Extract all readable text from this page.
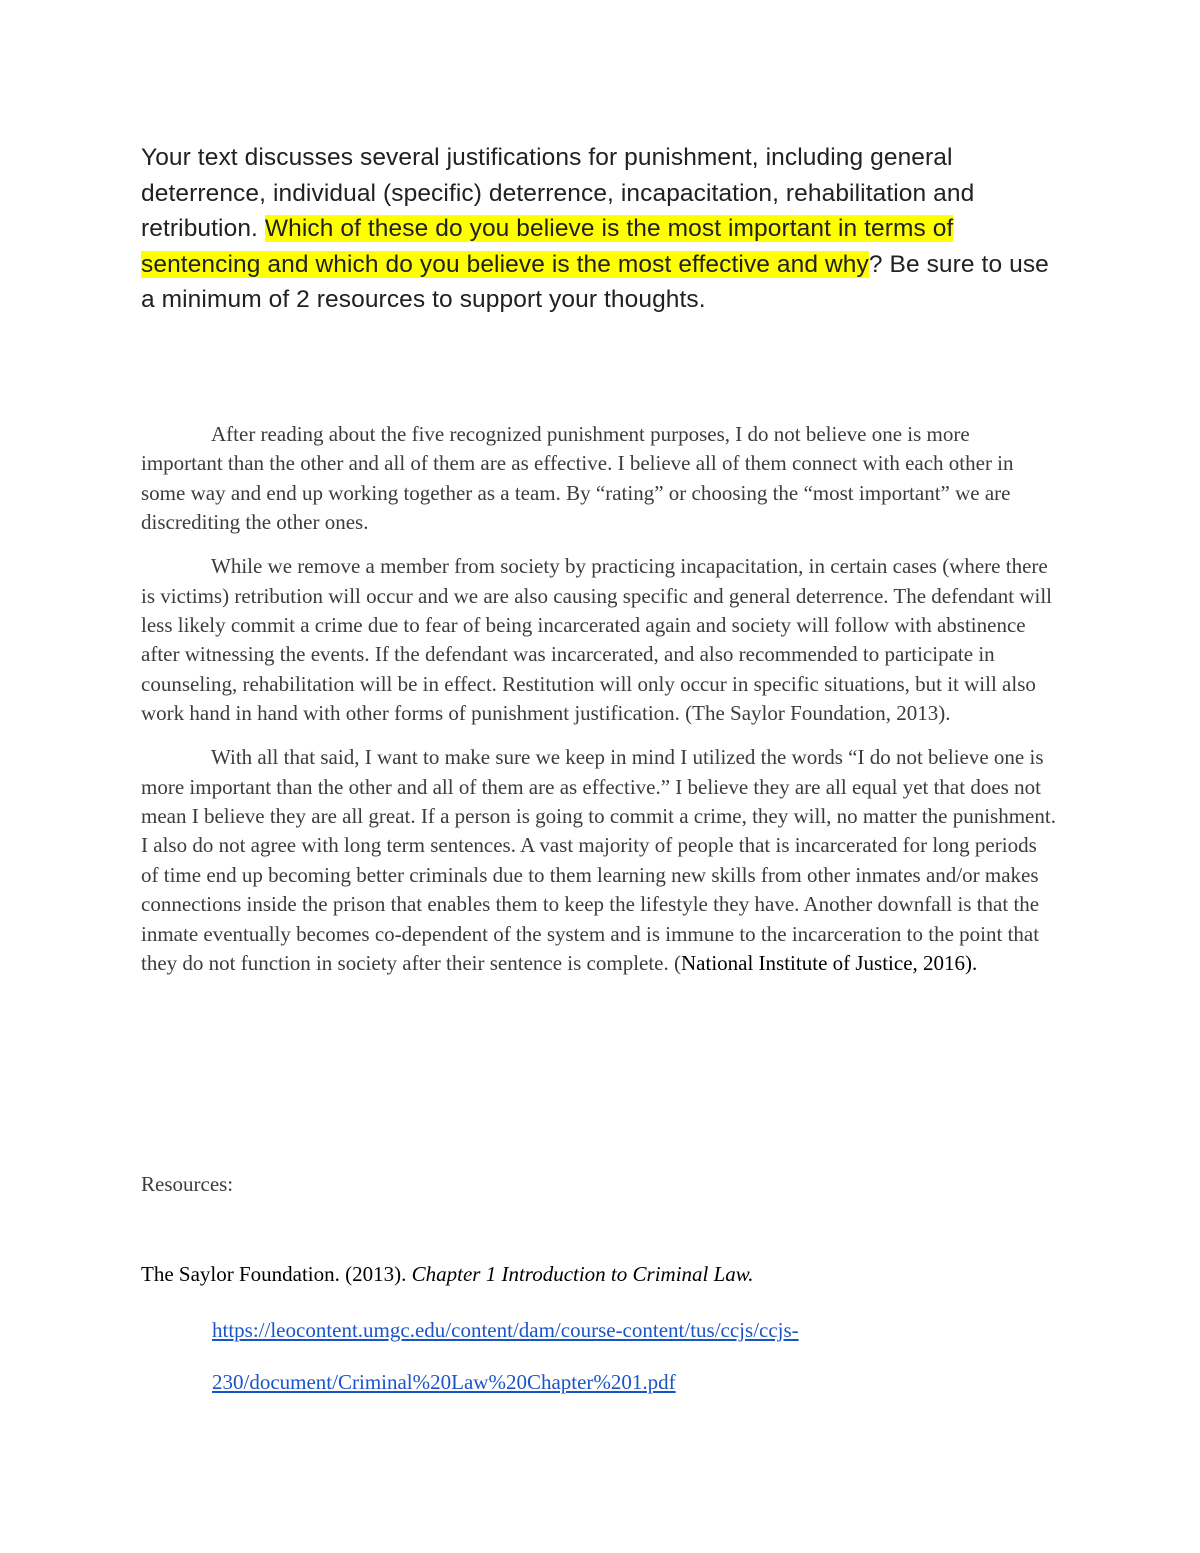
Your text discusses several justifications for punishment, including general deterrence, individual (specific) deterrence, incapacitation, rehabilitation and retribution. Which of these do you believe is the most important in terms of sentencing and which do you believe is the most effective and why? Be sure to use a minimum of 2 resources to support your thoughts.

After reading about the five recognized punishment purposes, I do not believe one is more important than the other and all of them are as effective. I believe all of them connect with each other in some way and end up working together as a team. By “rating” or choosing the “most important” we are discrediting the other ones.

While we remove a member from society by practicing incapacitation, in certain cases (where there is victims) retribution will occur and we are also causing specific and general deterrence. The defendant will less likely commit a crime due to fear of being incarcerated again and society will follow with abstinence after witnessing the events. If the defendant was incarcerated, and also recommended to participate in counseling, rehabilitation will be in effect. Restitution will only occur in specific situations, but it will also work hand in hand with other forms of punishment justification. (The Saylor Foundation, 2013).

With all that said, I want to make sure we keep in mind I utilized the words “I do not believe one is more important than the other and all of them are as effective.” I believe they are all equal yet that does not mean I believe they are all great. If a person is going to commit a crime, they will, no matter the punishment. I also do not agree with long term sentences. A vast majority of people that is incarcerated for long periods of time end up becoming better criminals due to them learning new skills from other inmates and/or makes connections inside the prison that enables them to keep the lifestyle they have. Another downfall is that the inmate eventually becomes co-dependent of the system and is immune to the incarceration to the point that they do not function in society after their sentence is complete. (National Institute of Justice, 2016).

Resources:
The Saylor Foundation. (2013). Chapter 1 Introduction to Criminal Law.
https://leocontent.umgc.edu/content/dam/course-content/tus/ccjs/ccjs-
230/document/Criminal%20Law%20Chapter%201.pdf
